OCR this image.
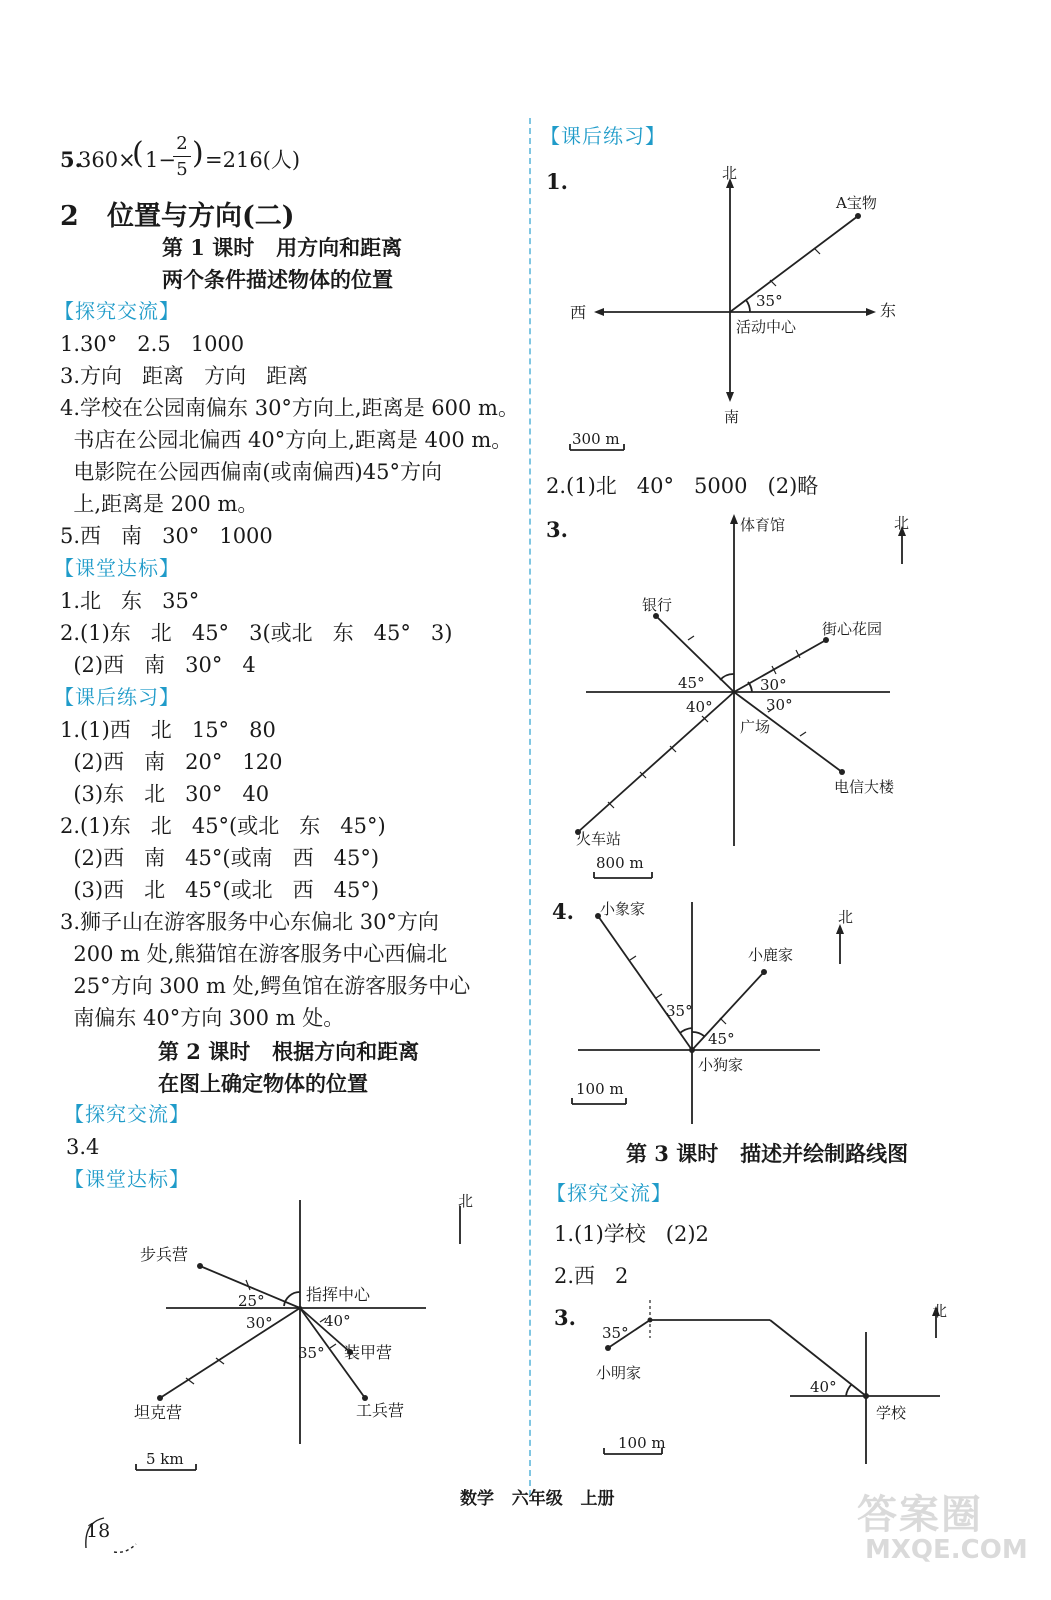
5.
360×
( 1−
2
5 ) =216(人)
2   位置与方向(二)
第 1 课时   用方向和距离
两个条件描述物体的位置
【探究交流】
1.30°   2.5   1000
3.方向   距离   方向   距离
4.学校在公园南偏东 30°方向上,距离是 600 m。
书店在公园北偏西 40°方向上,距离是 400 m。
电影院在公园西偏南(或南偏西)45°方向
上,距离是 200 m。
5.西   南   30°   1000
【课堂达标】
1.北   东   35°
2.(1)东   北   45°   3(或北   东   45°   3)
(2)西   南   30°   4
【课后练习】
1.(1)西   北   15°   80
(2)西   南   20°   120
(3)东   北   30°   40
2.(1)东   北   45°(或北   东   45°)
(2)西   南   45°(或南   西   45°)
(3)西   北   45°(或北   西   45°)
3.狮子山在游客服务中心东偏北 30°方向
200 m 处,熊猫馆在游客服务中心西偏北
25°方向 300 m 处,鳄鱼馆在游客服务中心
南偏东 40°方向 300 m 处。
第 2 课时   根据方向和距离
在图上确定物体的位置
【探究交流】
3.4
【课堂达标】
北
指挥中心
步兵营
坦克营
装甲营
工兵营
25°
30°	40°
35°
5 km
【课后练习】
1.	北
南
东
西
活动中心
A宝物
35°
300 m
2.(1)北   40°   5000   (2)略
3.	体育馆	北
银行
街心花园
广场
电信大楼
火车站
45°	30°
40°	30°
800 m
4.	北
小象家
小鹿家
小狗家
35°
45°
100 m
第 3 课时   描述并绘制路线图
【探究交流】
1.(1)学校   (2)2
2.西   2
3.	北
小明家
学校
35°
40°
100 m
18
数学   六年级   上册	答案圈
MXQE.COM
